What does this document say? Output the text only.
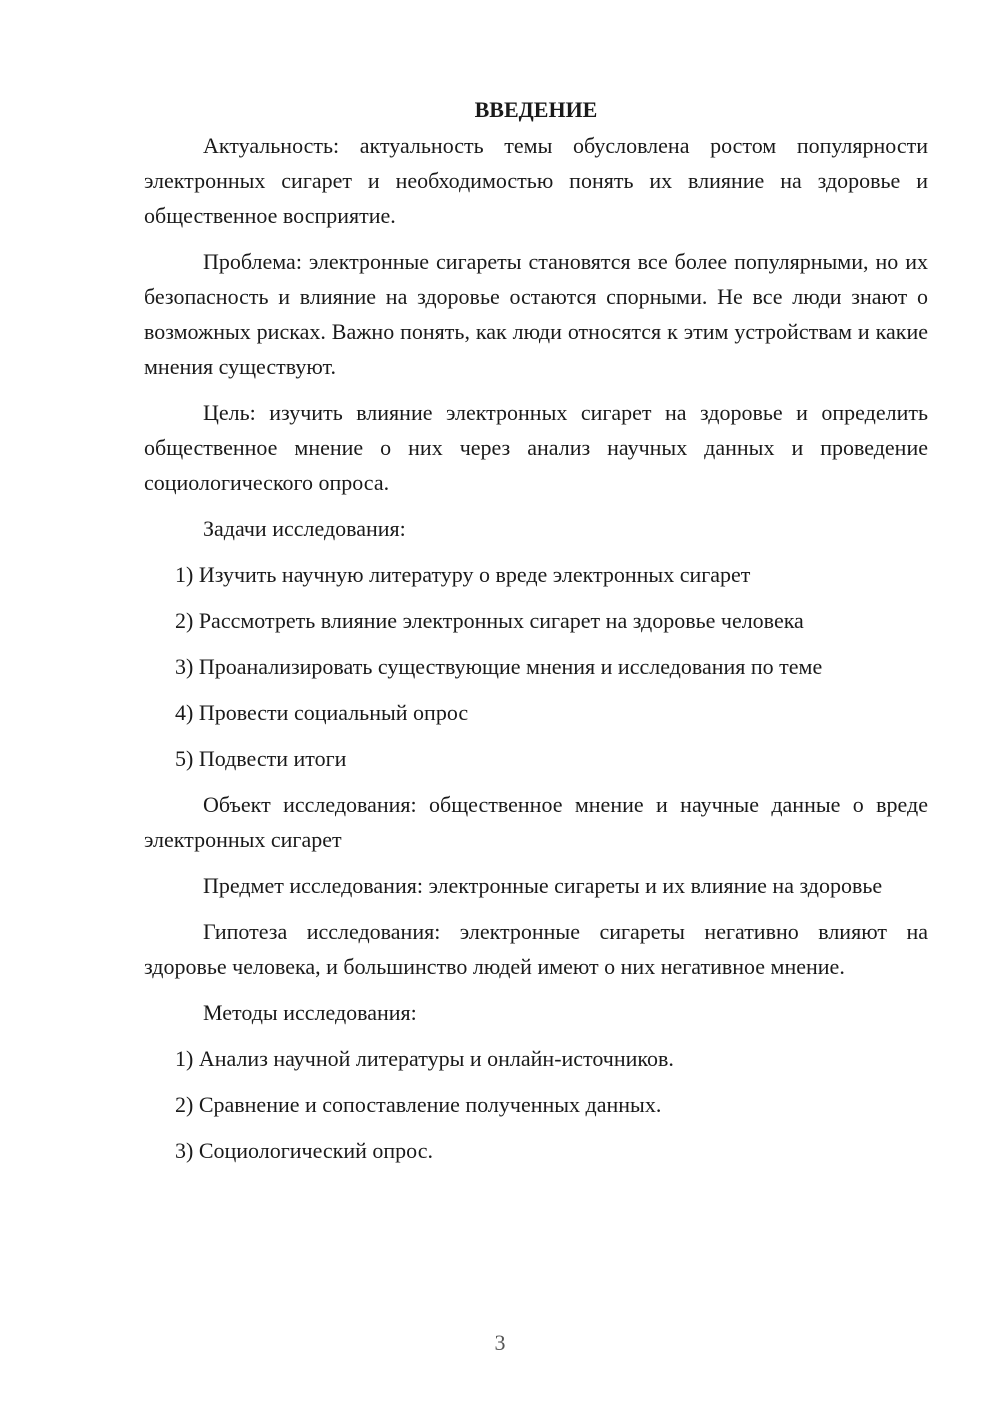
ВВЕДЕНИЕ

Актуальность: актуальность темы обусловлена ростом популярности электронных сигарет и необходимостью понять их влияние на здоровье и общественное восприятие.

Проблема: электронные сигареты становятся все более популярными, но их безопасность и влияние на здоровье остаются спорными. Не все люди знают о возможных рисках. Важно понять, как люди относятся к этим устройствам и какие мнения существуют.

Цель: изучить влияние электронных сигарет на здоровье и определить общественное мнение о них через анализ научных данных и проведение социологического опроса.

Задачи исследования:

1) Изучить научную литературу о вреде электронных сигарет

2) Рассмотреть влияние электронных сигарет на здоровье человека

3) Проанализировать существующие мнения и исследования по теме

4) Провести социальный опрос

5) Подвести итоги

Объект исследования: общественное мнение и научные данные о вреде электронных сигарет

Предмет исследования: электронные сигареты и их влияние на здоровье

Гипотеза исследования: электронные сигареты негативно влияют на здоровье человека, и большинство людей имеют о них негативное мнение.

Методы исследования:

1) Анализ научной литературы и онлайн-источников.

2) Сравнение и сопоставление полученных данных.

3) Социологический опрос.

3
